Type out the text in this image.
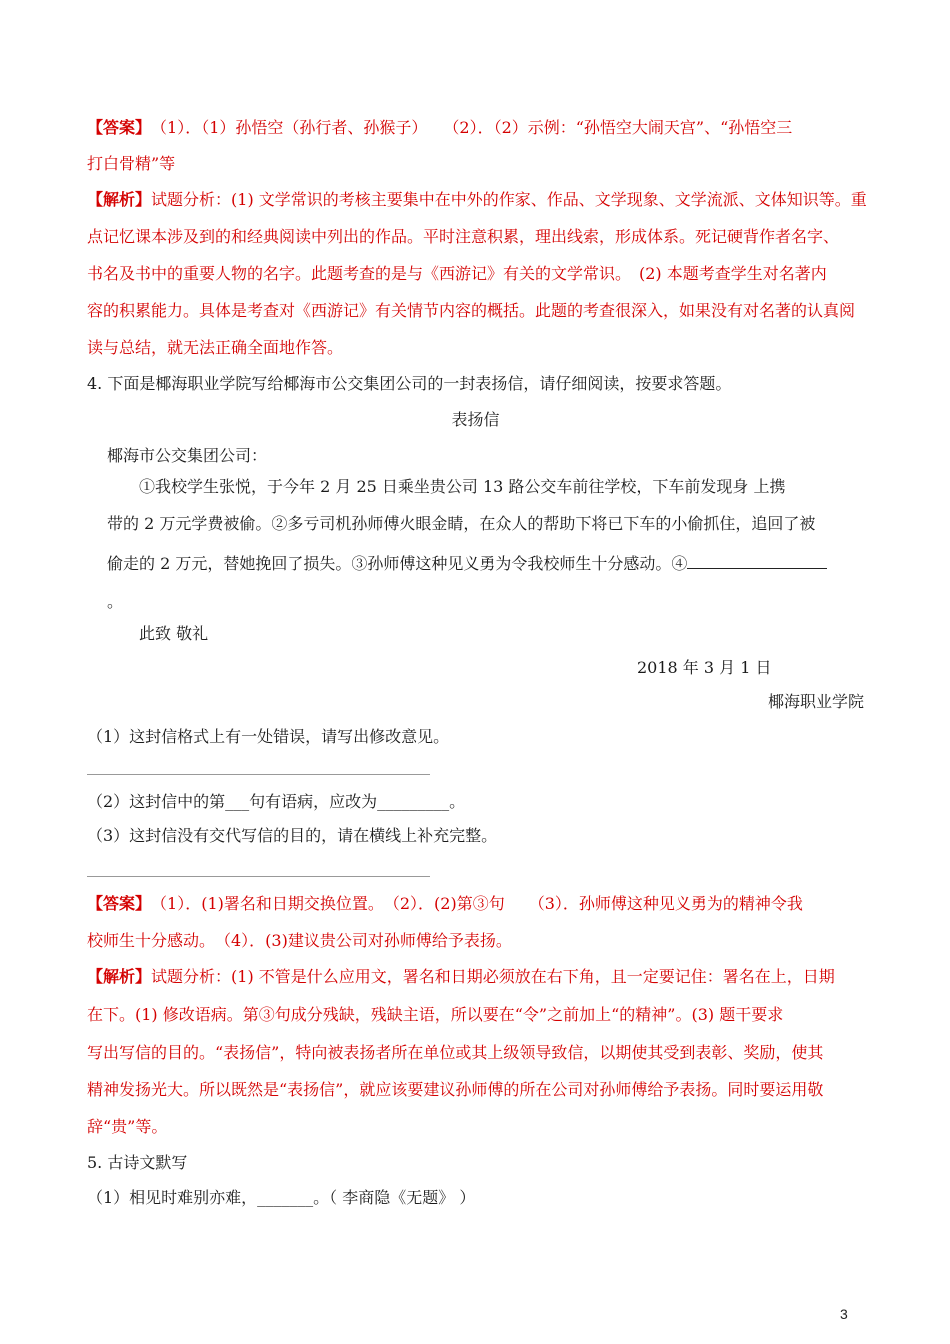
【答案】　 （1）．（1）孙悟空（孙行者、孙猴子）　　（2）．（2）示例：“孙悟空大闹天宫”、“孙悟空三
打白骨精”等
【解析】试题分析：(1) 文学常识的考核主要集中在中外的作家、作品、文学现象、文学流派、文体知识等。重
点记忆课本涉及到的和经典阅读中列出的作品。平时注意积累，理出线索，形成体系。死记硬背作者名字、
书名及书中的重要人物的名字。此题考查的是与《西游记》有关的文学常识。　(2) 本题考查学生对名著内
容的积累能力。具体是考查对《西游记》有关情节内容的概括。此题的考查很深入，如果没有对名著的认真阅
读与总结，就无法正确全面地作答。
4. 下面是椰海职业学院写给椰海市公交集团公司的一封表扬信，请仔细阅读，按要求答题。
表扬信
椰海市公交集团公司：
①我校学生张悦，于今年 2 月 25 日乘坐贵公司 13 路公交车前往学校，下车前发现身 上携
带的 2 万元学费被偷。②多亏司机孙师傅火眼金睛，在众人的帮助下将已下车的小偷抓住，追回了被
偷走的 2 万元，替她挽回了损失。③孙师傅这种见义勇为令我校师生十分感动。④
。
此致 敬礼
2018 年 3 月 1 日
椰海职业学院
（1）这封信格式上有一处错误，请写出修改意见。
（2）这封信中的第___句有语病，应改为_________。
（3）这封信没有交代写信的目的，请在横线上补充完整。
【答案】　 （1）．(1)署名和日期交换位置。　（2）．(2)第③句　　（3）．孙师傅这种见义勇为的精神令我
校师生十分感动。　（4）．(3)建议贵公司对孙师傅给予表扬。
【解析】试题分析：(1) 不管是什么应用文，署名和日期必须放在右下角，且一定要记住：署名在上，日期
在下。(1) 修改语病。第③句成分残缺，残缺主语，所以要在“令”之前加上“的精神”。(3) 题干要求
写出写信的目的。“表扬信”，特向被表扬者所在单位或其上级领导致信，以期使其受到表彰、奖励，使其
精神发扬光大。所以既然是“表扬信”，就应该要建议孙师傅的所在公司对孙师傅给予表扬。同时要运用敬
辞“贵”等。
5. 古诗文默写
（1）相见时难别亦难，_______。（ 李商隐《无题》 ）
3
